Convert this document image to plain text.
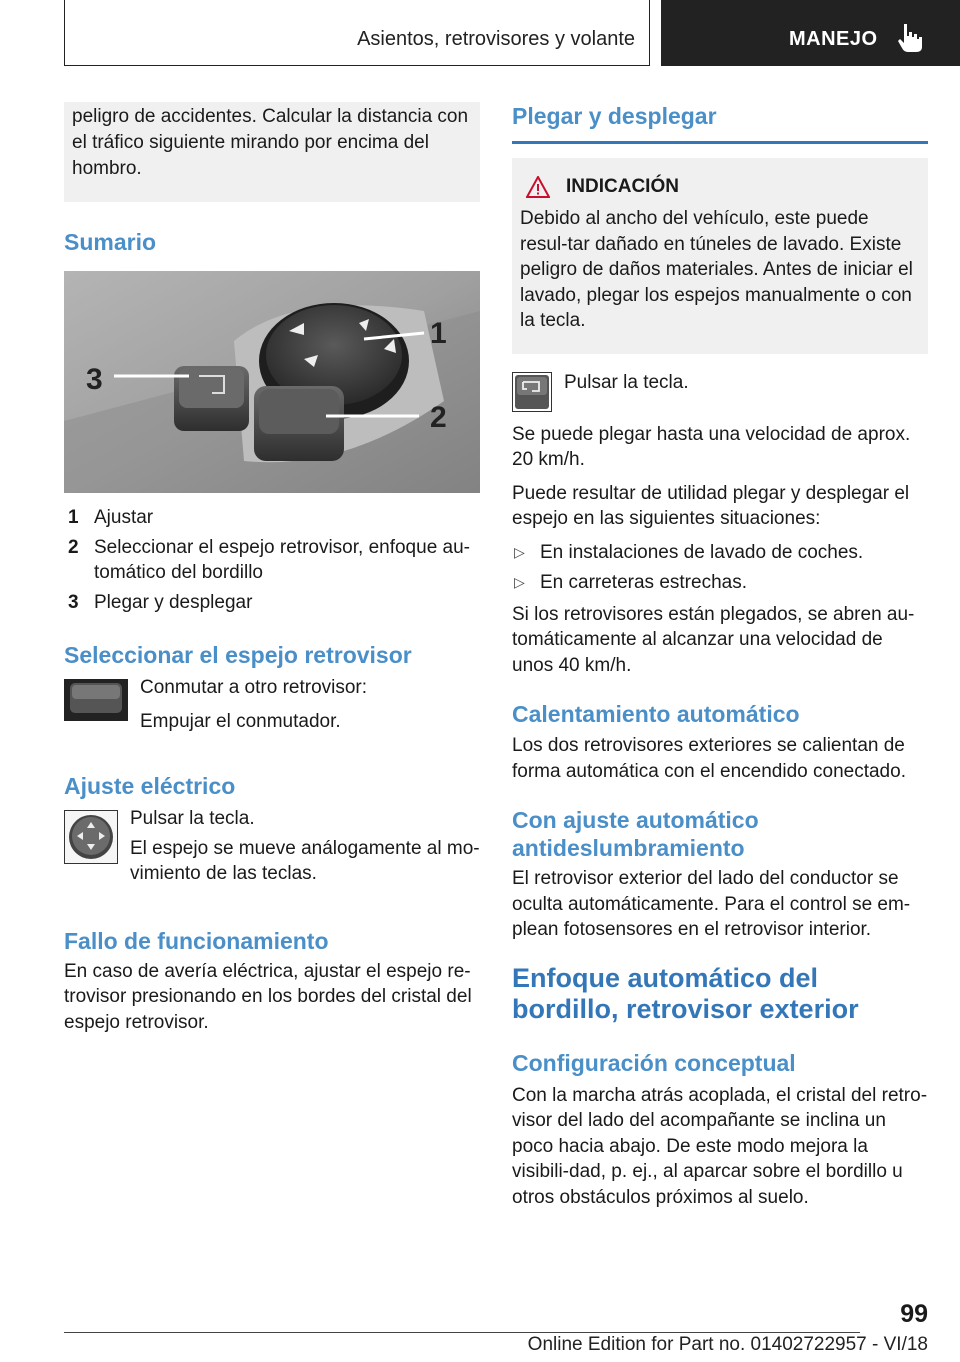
Asientos, retrovisores y volante	MANEJO
peligro de accidentes. Calcular la distancia con el tráfico siguiente mirando por encima del hombro.
Sumario
1
2
3
1 Ajustar
2 Seleccionar el espejo retrovisor, enfoque au-tomático del bordillo
3 Plegar y desplegar
Seleccionar el espejo retrovisor
Conmutar a otro retrovisor:
Empujar el conmutador.
Ajuste eléctrico
Pulsar la tecla.
El espejo se mueve análogamente al mo-vimiento de las teclas.
Fallo de funcionamiento
En caso de avería eléctrica, ajustar el espejo re-trovisor presionando en los bordes del cristal del espejo retrovisor.
Plegar y desplegar
INDICACIÓN
Debido al ancho del vehículo, este puede resul-tar dañado en túneles de lavado. Existe peligro de daños materiales. Antes de iniciar el lavado, plegar los espejos manualmente o con la tecla.
Pulsar la tecla.
Se puede plegar hasta una velocidad de aprox. 20 km/h.
Puede resultar de utilidad plegar y desplegar el espejo en las siguientes situaciones:
▷ En instalaciones de lavado de coches.
▷ En carreteras estrechas.
Si los retrovisores están plegados, se abren au-tomáticamente al alcanzar una velocidad de unos 40 km/h.
Calentamiento automático
Los dos retrovisores exteriores se calientan de forma automática con el encendido conectado.
Con ajuste automático antideslumbramiento
El retrovisor exterior del lado del conductor se oculta automáticamente. Para el control se em-plean fotosensores en el retrovisor interior.
Enfoque automático del bordillo, retrovisor exterior
Configuración conceptual
Con la marcha atrás acoplada, el cristal del retro-visor del lado del acompañante se inclina un poco hacia abajo. De este modo mejora la visibili-dad, p. ej., al aparcar sobre el bordillo u otros obstáculos próximos al suelo.
99
Online Edition for Part no. 01402722957 - VI/18
